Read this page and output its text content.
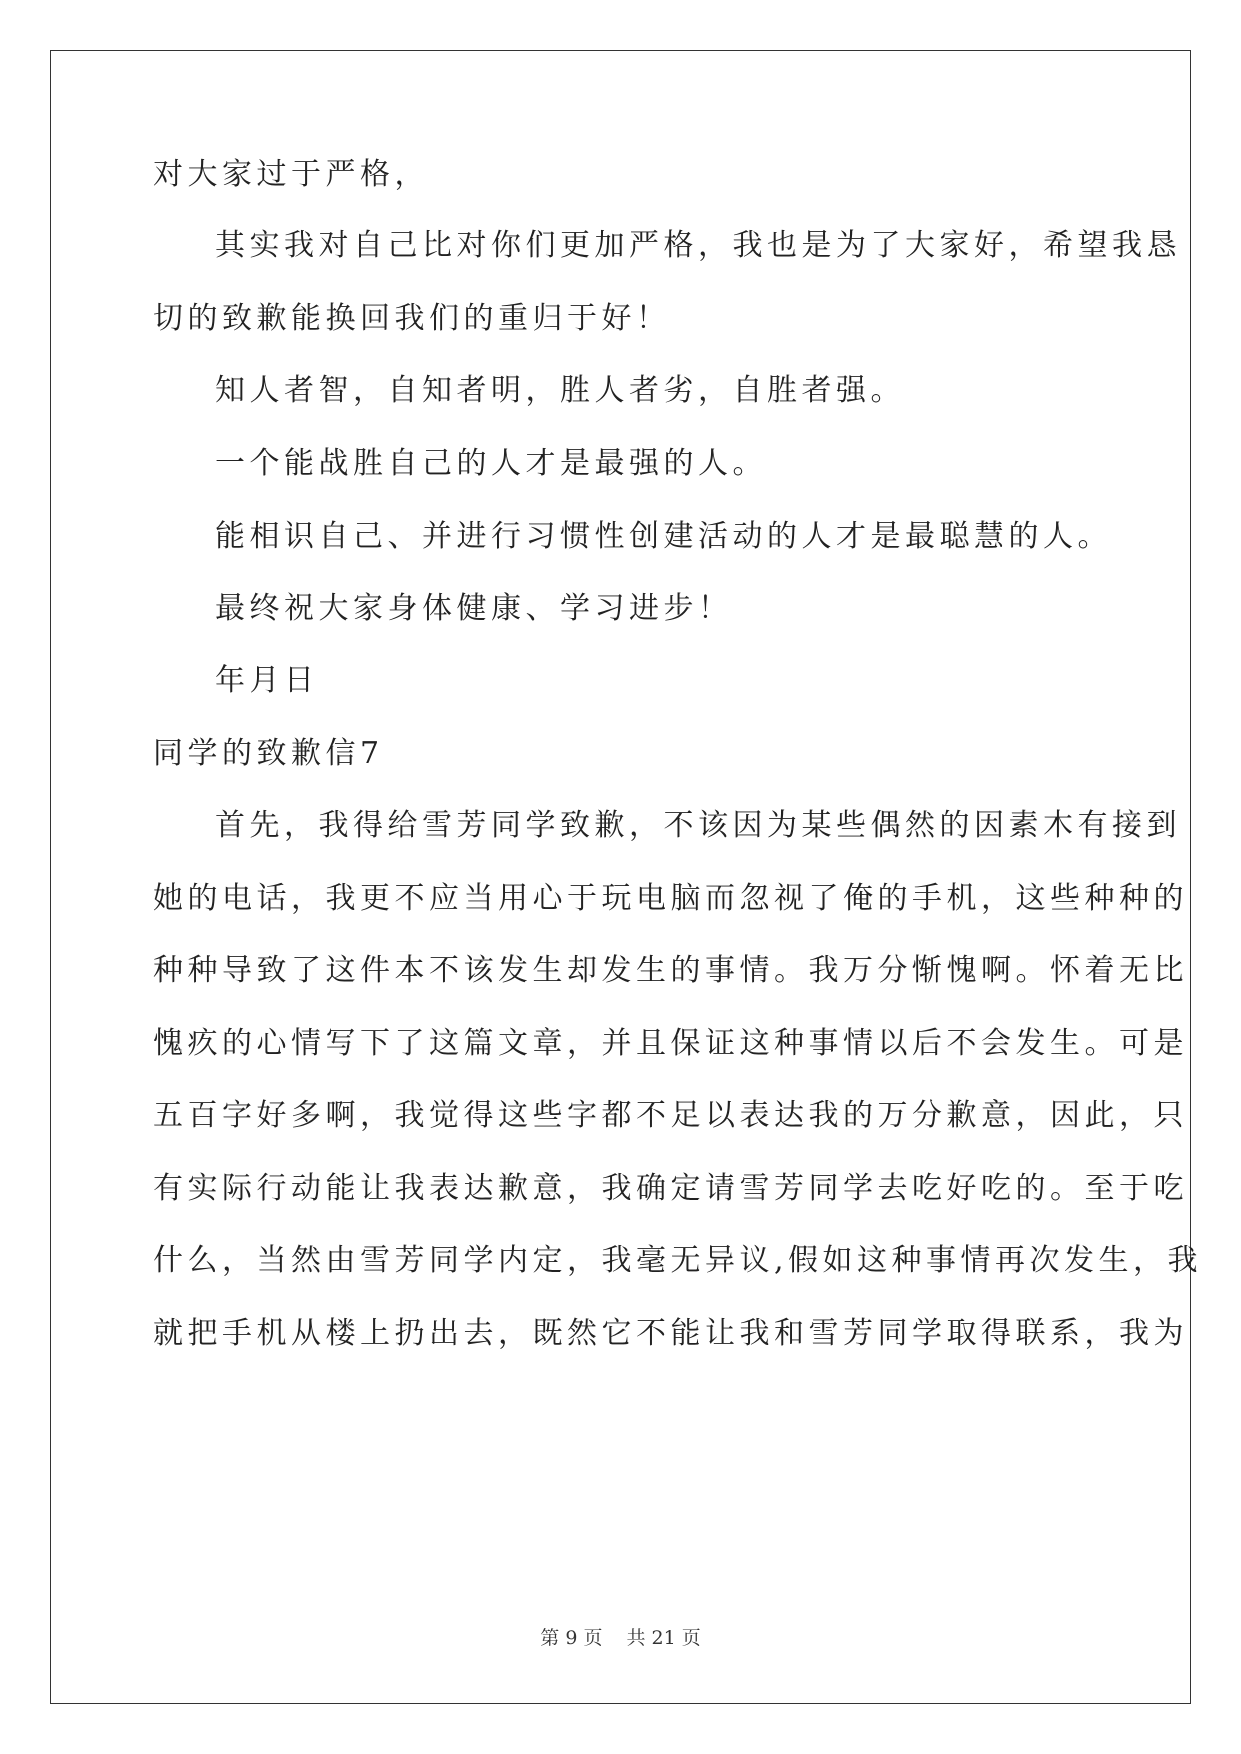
对大家过于严格，
其实我对自己比对你们更加严格，我也是为了大家好，希望我恳
切的致歉能换回我们的重归于好！
知人者智，自知者明，胜人者劣，自胜者强。
一个能战胜自己的人才是最强的人。
能相识自己、并进行习惯性创建活动的人才是最聪慧的人。
最终祝大家身体健康、学习进步！
年月日
同学的致歉信7
首先，我得给雪芳同学致歉，不该因为某些偶然的因素木有接到
她的电话，我更不应当用心于玩电脑而忽视了俺的手机，这些种种的
种种导致了这件本不该发生却发生的事情。我万分惭愧啊。怀着无比
愧疚的心情写下了这篇文章，并且保证这种事情以后不会发生。可是
五百字好多啊，我觉得这些字都不足以表达我的万分歉意，因此，只
有实际行动能让我表达歉意，我确定请雪芳同学去吃好吃的。至于吃
什么，当然由雪芳同学内定，我毫无异议,假如这种事情再次发生，我
就把手机从楼上扔出去，既然它不能让我和雪芳同学取得联系，我为
第 9 页 共 21 页
